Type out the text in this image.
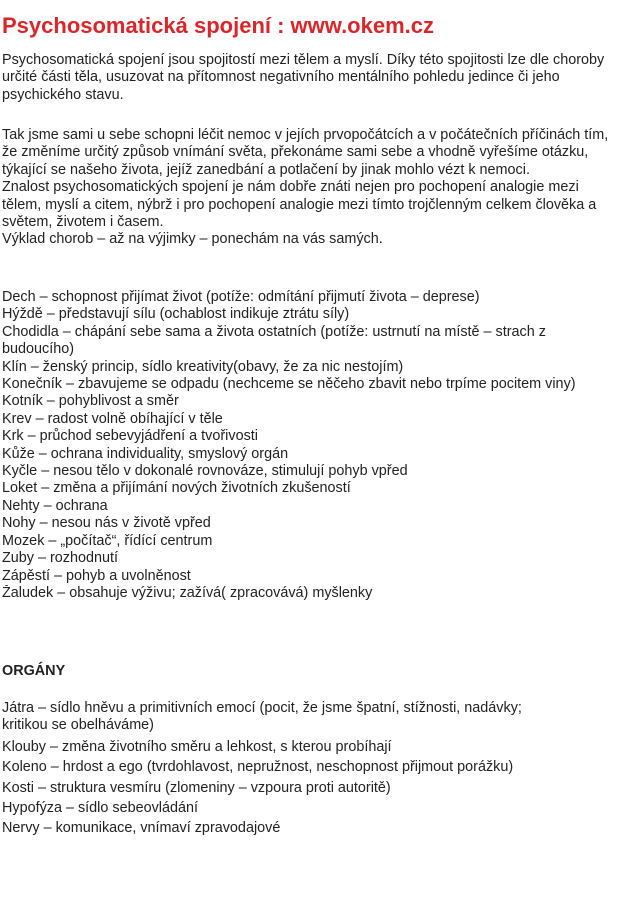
Psychosomatická spojení : www.okem.cz

Psychosomatická spojení jsou spojitostí mezi tělem a myslí. Díky této spojitosti lze dle choroby určité části těla, usuzovat na přítomnost negativního mentálního pohledu jedince či jeho psychického stavu.

Tak jsme sami u sebe schopni léčit nemoc v jejích prvopočátcích a v počátečních příčinách tím, že změníme určitý způsob vnímání světa, překonáme sami sebe a vhodně vyřešíme otázku, týkající se našeho života, jejíž zanedbání a potlačení by jinak mohlo vézt k nemoci.

Znalost psychosomatických spojení je nám dobře znáti nejen pro pochopení analogie mezi tělem, myslí a citem, nýbrž i pro pochopení analogie mezi tímto trojčlenným celkem člověka a světem, životem i časem.

Výklad chorob – až na výjimky – ponechám na vás samých.

Dech – schopnost přijímat život (potíže: odmítání přijmutí života – deprese)
Hýždě – představují sílu (ochablost indikuje ztrátu síly)
Chodidla – chápání sebe sama a života ostatních (potíže: ustrnutí na místě – strach z budoucího)
Klín – ženský princip, sídlo kreativity(obavy, že za nic nestojím)
Konečník – zbavujeme se odpadu (nechceme se něčeho zbavit nebo trpíme pocitem viny)
Kotník – pohyblivost a směr
Krev – radost volně obíhající v těle
Krk – průchod sebevyjádření a tvořivosti
Kůže – ochrana individuality, smyslový orgán
Kyčle – nesou tělo v dokonalé rovnováze, stimulují pohyb vpřed
Loket – změna a přijímání nových životních zkušeností
Nehty – ochrana
Nohy – nesou nás v životě vpřed
Mozek – „počítač“, řídící centrum
Zuby – rozhodnutí
Zápěstí – pohyb a uvolněnost
Žaludek – obsahuje výživu; zažívá( zpracovává) myšlenky
ORGÁNY
Játra – sídlo hněvu a primitivních emocí (pocit, že jsme špatní, stížnosti, nadávky; kritikou se obelháváme)
Klouby – změna životního směru a lehkost, s kterou probíhají
Koleno – hrdost a ego (tvrdohlavost, nepružnost, neschopnost přijmout porážku)
Kosti – struktura vesmíru (zlomeniny – vzpoura proti autoritě)
Hypofýza – sídlo sebeovládání
Nervy – komunikace, vnímaví zpravodajové
